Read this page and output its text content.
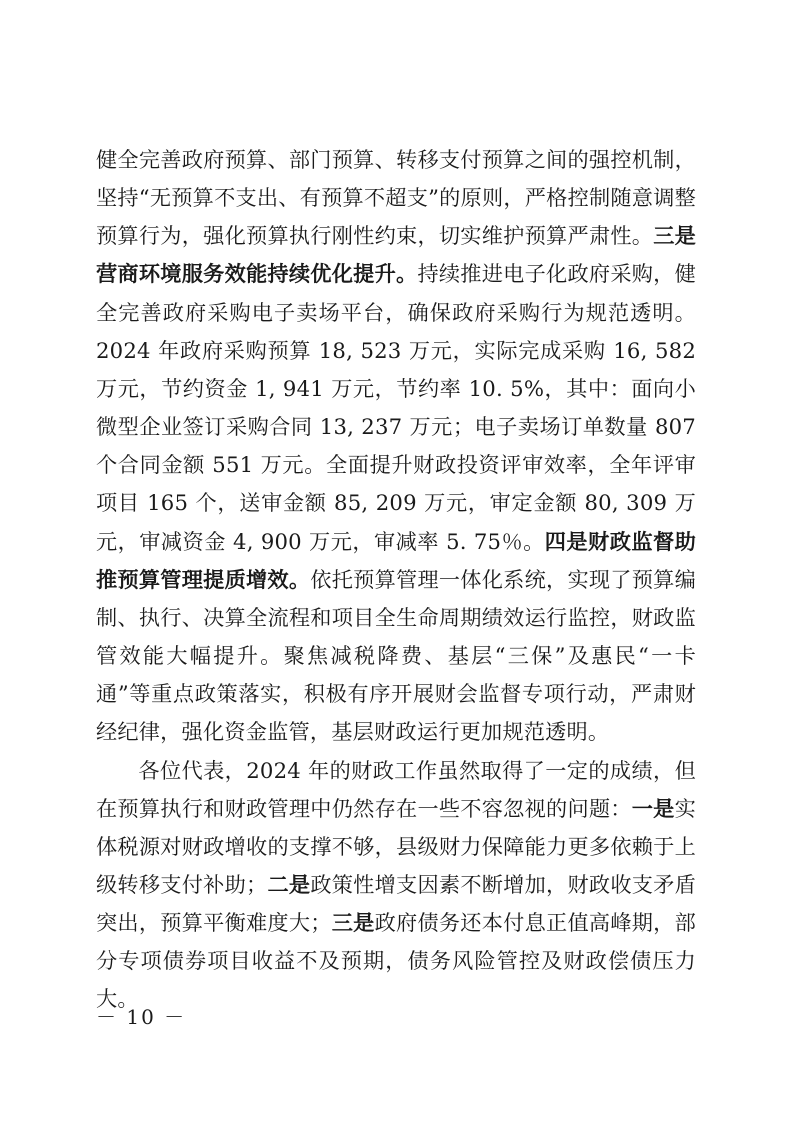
健全完善政府预算、部门预算、转移支付预算之间的强控机制，坚持“无预算不支出、有预算不超支”的原则，严格控制随意调整预算行为，强化预算执行刚性约束，切实维护预算严肃性。三是营商环境服务效能持续优化提升。持续推进电子化政府采购，健全完善政府采购电子卖场平台，确保政府采购行为规范透明。2024 年政府采购预算 18, 523 万元，实际完成采购 16, 582 万元，节约资金 1, 941 万元，节约率 10. 5%，其中：面向小微型企业签订采购合同 13, 237 万元；电子卖场订单数量 807 个合同金额 551 万元。全面提升财政投资评审效率，全年评审项目 165 个，送审金额 85, 209 万元，审定金额 80, 309 万元，审减资金 4, 900 万元，审减率 5. 75％。四是财政监督助推预算管理提质增效。依托预算管理一体化系统，实现了预算编制、执行、决算全流程和项目全生命周期绩效运行监控，财政监管效能大幅提升。聚焦减税降费、基层“三保”及惠民“一卡通”等重点政策落实，积极有序开展财会监督专项行动，严肃财经纪律，强化资金监管，基层财政运行更加规范透明。

各位代表，2024 年的财政工作虽然取得了一定的成绩，但在预算执行和财政管理中仍然存在一些不容忽视的问题：一是实体税源对财政增收的支撑不够，县级财力保障能力更多依赖于上级转移支付补助；二是政策性增支因素不断增加，财政收支矛盾突出，预算平衡难度大；三是政府债务还本付息正值高峰期，部分专项债券项目收益不及预期，债务风险管控及财政偿债压力大。

－ 10 －
